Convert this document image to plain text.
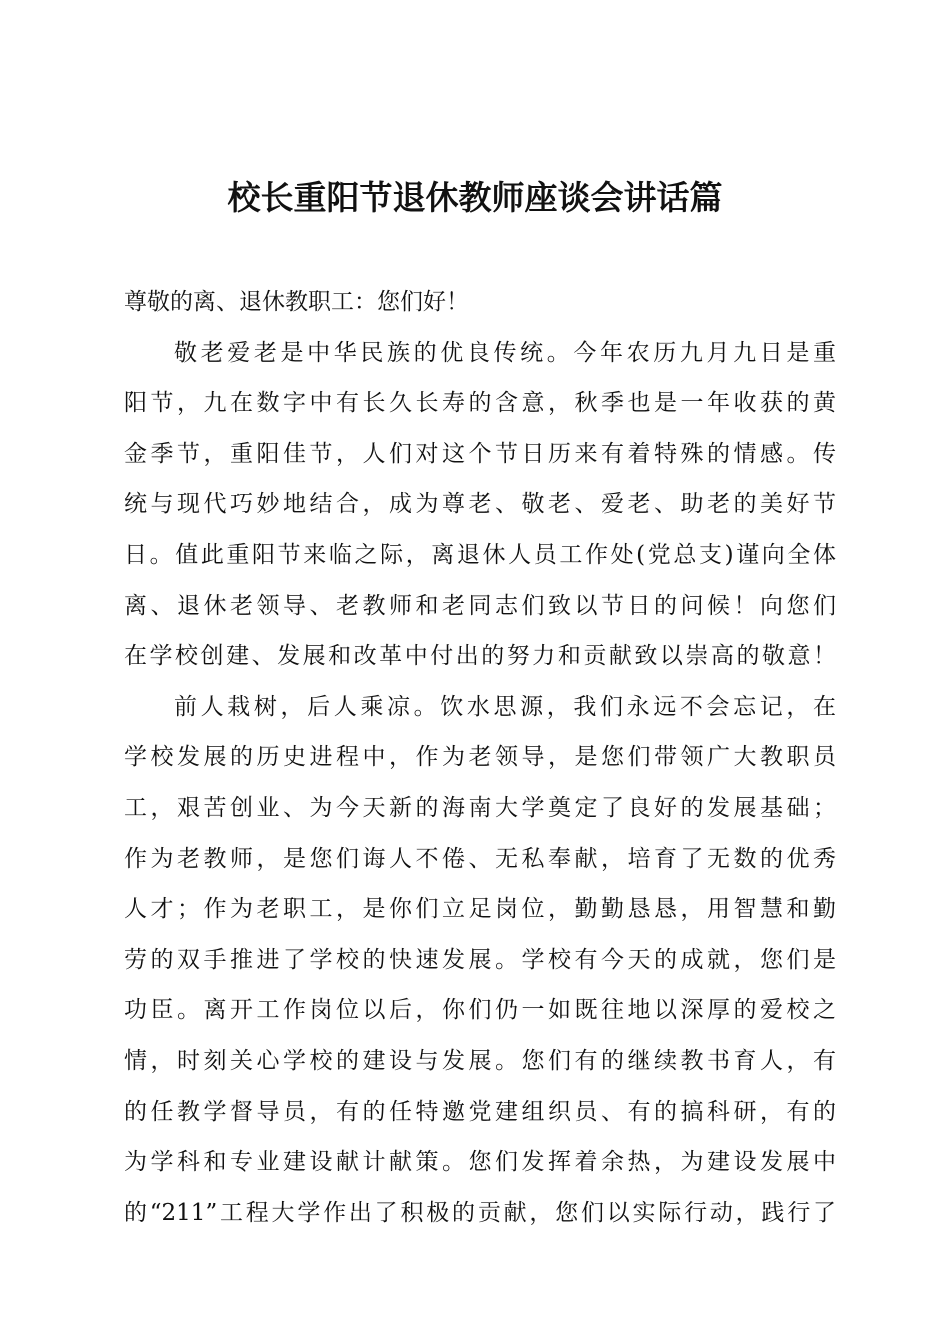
校长重阳节退休教师座谈会讲话篇
尊敬的离、退休教职工：您们好！
敬老爱老是中华民族的优良传统。今年农历九月九日是重
阳节，九在数字中有长久长寿的含意，秋季也是一年收获的黄
金季节，重阳佳节，人们对这个节日历来有着特殊的情感。传
统与现代巧妙地结合，成为尊老、敬老、爱老、助老的美好节
日。值此重阳节来临之际，离退休人员工作处(党总支)谨向全体
离、退休老领导、老教师和老同志们致以节日的问候！向您们
在学校创建、发展和改革中付出的努力和贡献致以崇高的敬意！
前人栽树，后人乘凉。饮水思源，我们永远不会忘记，在
学校发展的历史进程中，作为老领导，是您们带领广大教职员
工，艰苦创业、为今天新的海南大学奠定了良好的发展基础；
作为老教师，是您们诲人不倦、无私奉献，培育了无数的优秀
人才；作为老职工，是你们立足岗位，勤勤恳恳，用智慧和勤
劳的双手推进了学校的快速发展。学校有今天的成就，您们是
功臣。离开工作岗位以后，你们仍一如既往地以深厚的爱校之
情，时刻关心学校的建设与发展。您们有的继续教书育人，有
的任教学督导员，有的任特邀党建组织员、有的搞科研，有的
为学科和专业建设献计献策。您们发挥着余热，为建设发展中
的“211”工程大学作出了积极的贡献，您们以实际行动，践行了
